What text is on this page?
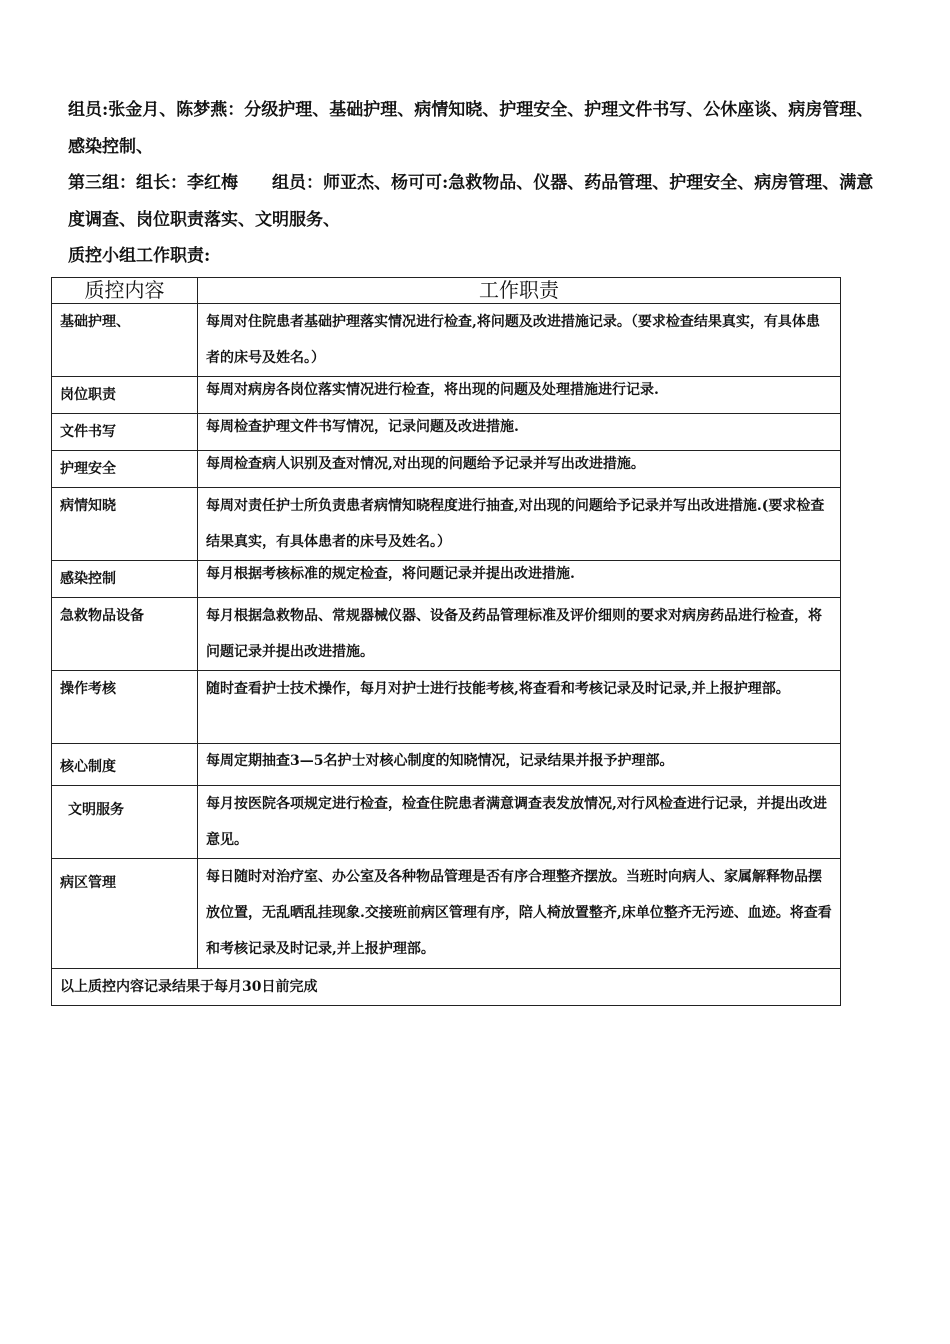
组员:张金月、陈梦燕：分级护理、基础护理、病情知晓、护理安全、护理文件书写、公休座谈、病房管理、感染控制、

第三组：组长：李红梅　　组员：师亚杰、杨可可:急救物品、仪器、药品管理、护理安全、病房管理、满意度调查、岗位职责落实、文明服务、

质控小组工作职责:

质控内容	工作职责
基础护理、	每周对住院患者基础护理落实情况进行检查,将问题及改进措施记录。（要求检查结果真实，有具体患者的床号及姓名。）
岗位职责	每周对病房各岗位落实情况进行检查，将出现的问题及处理措施进行记录.
文件书写	每周检查护理文件书写情况，记录问题及改进措施.
护理安全	每周检查病人识别及查对情况,对出现的问题给予记录并写出改进措施。
病情知晓	每周对责任护士所负责患者病情知晓程度进行抽查,对出现的问题给予记录并写出改进措施.(要求检查结果真实，有具体患者的床号及姓名。）
感染控制	每月根据考核标准的规定检查，将问题记录并提出改进措施.
急救物品设备	每月根据急救物品、常规器械仪器、设备及药品管理标准及评价细则的要求对病房药品进行检查，将问题记录并提出改进措施。
操作考核	随时查看护士技术操作，每月对护士进行技能考核,将查看和考核记录及时记录,并上报护理部。
核心制度	每周定期抽查3—5名护士对核心制度的知晓情况，记录结果并报予护理部。
文明服务	每月按医院各项规定进行检查，检查住院患者满意调查表发放情况,对行风检查进行记录，并提出改进意见。
病区管理	每日随时对治疗室、办公室及各种物品管理是否有序合理整齐摆放。当班时向病人、家属解释物品摆放位置，无乱晒乱挂现象.交接班前病区管理有序，陪人椅放置整齐,床单位整齐无污迹、血迹。将查看和考核记录及时记录,并上报护理部。
以上质控内容记录结果于每月30日前完成	
